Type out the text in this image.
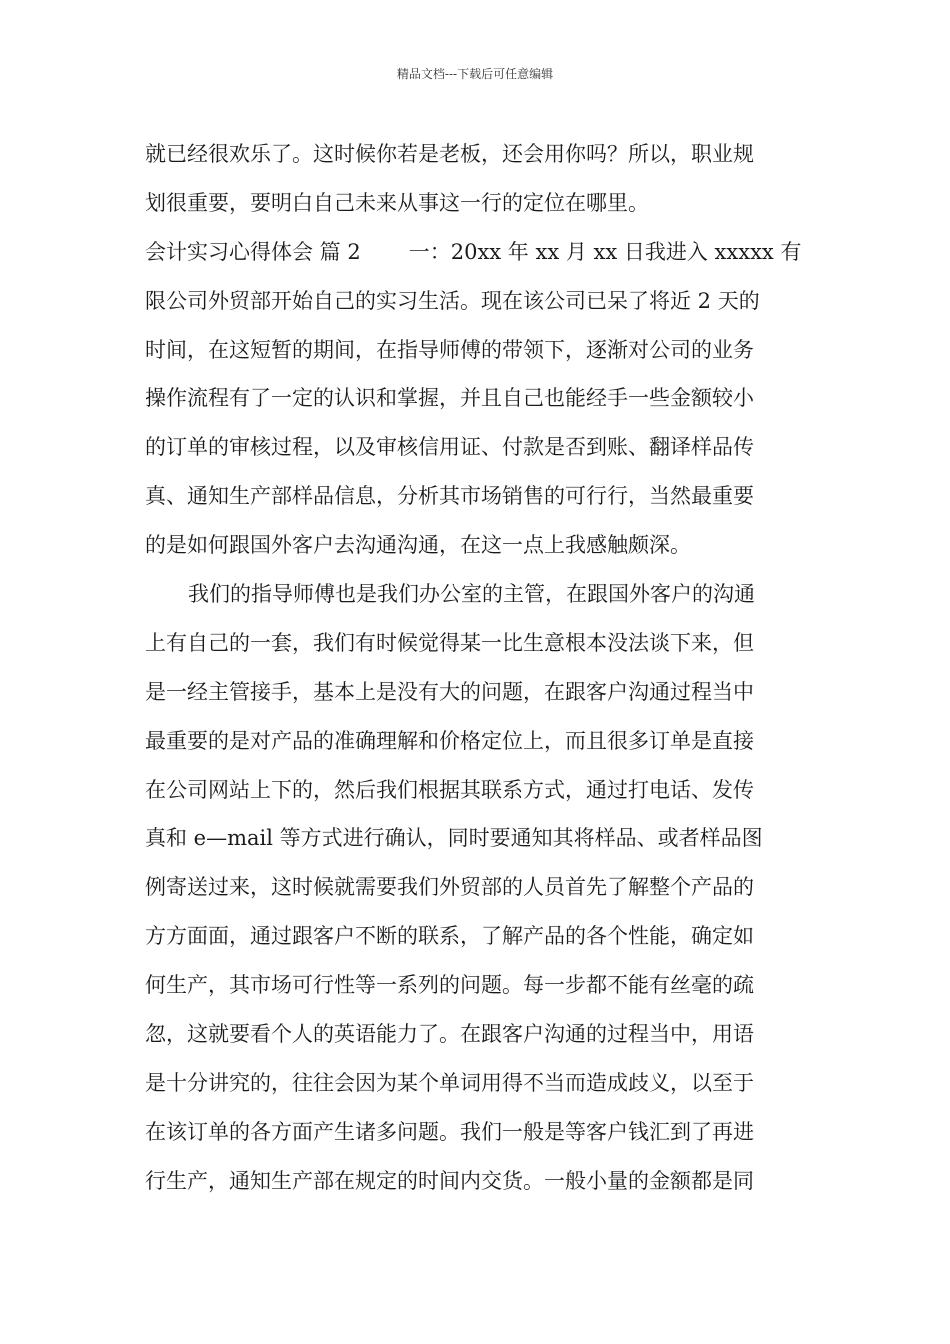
精品文档---下载后可任意编辑
就已经很欢乐了。这时候你若是老板，还会用你吗？所以，职业规
划很重要，要明白自己未来从事这一行的定位在哪里。
会计实习心得体会 篇 2 一：20xx 年 xx 月 xx 日我进入 xxxxx 有
限公司外贸部开始自己的实习生活。现在该公司已呆了将近 2 天的
时间，在这短暂的期间，在指导师傅的带领下，逐渐对公司的业务
操作流程有了一定的认识和掌握，并且自己也能经手一些金额较小
的订单的审核过程，以及审核信用证、付款是否到账、翻译样品传
真、通知生产部样品信息，分析其市场销售的可行行，当然最重要
的是如何跟国外客户去沟通沟通，在这一点上我感触颇深。
我们的指导师傅也是我们办公室的主管，在跟国外客户的沟通
上有自己的一套，我们有时候觉得某一比生意根本没法谈下来，但
是一经主管接手，基本上是没有大的问题，在跟客户沟通过程当中
最重要的是对产品的准确理解和价格定位上，而且很多订单是直接
在公司网站上下的，然后我们根据其联系方式，通过打电话、发传
真和 e—mail 等方式进行确认，同时要通知其将样品、或者样品图
例寄送过来，这时候就需要我们外贸部的人员首先了解整个产品的
方方面面，通过跟客户不断的联系，了解产品的各个性能，确定如
何生产，其市场可行性等一系列的问题。每一步都不能有丝毫的疏
忽，这就要看个人的英语能力了。在跟客户沟通的过程当中，用语
是十分讲究的，往往会因为某个单词用得不当而造成歧义，以至于
在该订单的各方面产生诸多问题。我们一般是等客户钱汇到了再进
行生产，通知生产部在规定的时间内交货。一般小量的金额都是同
